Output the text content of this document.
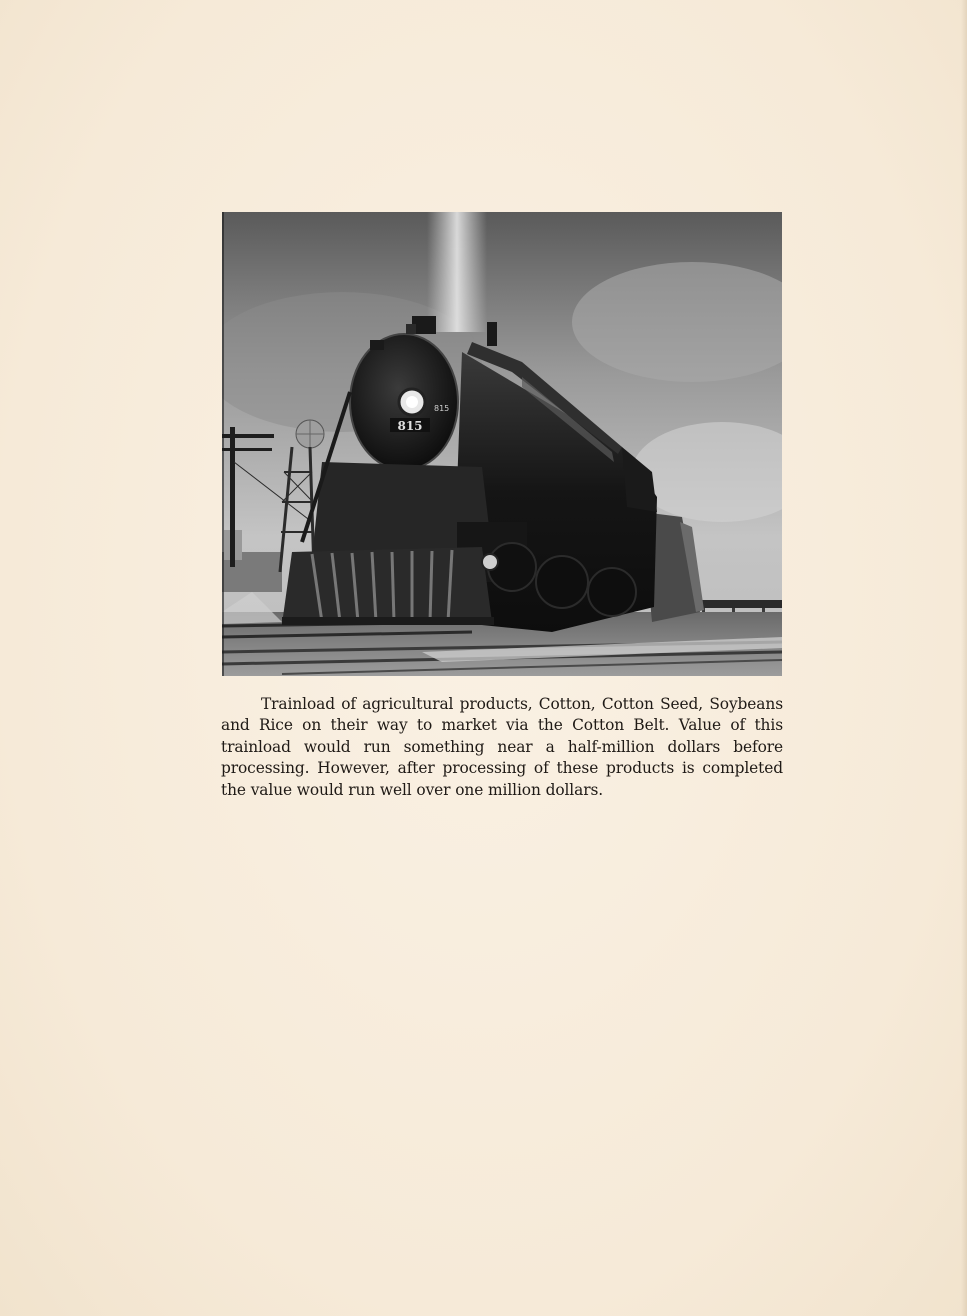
815
815

Trainload of agricultural products, Cotton, Cotton Seed, Soybeans and Rice on their way to market via the Cotton Belt. Value of this trainload would run something near a half-million dollars before processing. However, after processing of these products is completed the value would run well over one million dollars.
